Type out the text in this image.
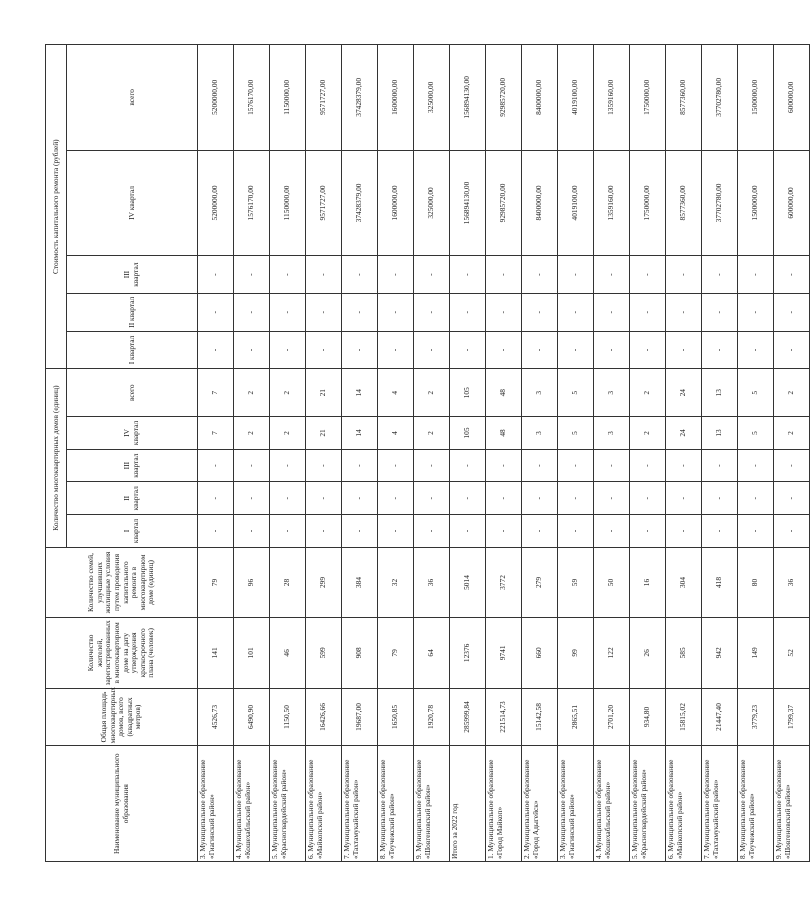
Наименование муниципального образования	Общая площадь многоквартирных домов, всего (квадратных метров)	Количество жителей, зарегистрированных в многоквартирном доме на дату утверждения краткосрочного плана (человек)	Количество семей, улучшивших жилищные условия путем проведения капитального ремонта в многоквартирном доме (единиц)	Количество многоквартирных домов (единиц)					Стоимость капитального ремонта (рублей)				
				I квартал	II квартал	III квартал	IV квартал	всего	I квартал	II квартал	III квартал	IV квартал	всего
3. Муниципальное образование «Гиагинский район»	4526,73	141	79	-	-	-	7	7	-	-	-	5200000,00	5200000,00
4. Муниципальное образование «Кошехабльский район»	6490,90	101	96	-	-	-	2	2	-	-	-	1576170,00	1576170,00
5. Муниципальное образование «Красногвардейский район»	1150,50	46	28	-	-	-	2	2	-	-	-	1150000,00	1150000,00
6. Муниципальное образование «Майкопский район»	16426,66	599	299	-	-	-	21	21	-	-	-	9571727,00	9571727,00
7. Муниципальное образование «Тахтамукайский район»	19687,00	908	384	-	-	-	14	14	-	-	-	37428379,00	37428379,00
8. Муниципальное образование «Теучежский район»	1650,85	79	32	-	-	-	4	4	-	-	-	1600000,00	1600000,00
9. Муниципальное образование «Шовгеновский район»	1920,78	64	36	-	-	-	2	2	-	-	-	325000,00	325000,00
Итого за 2022 год	285999,84	12376	5014	-	-	-	105	105	-	-	-	156894130,00	156894130,00
1. Муниципальное образование «Город Майкоп»	221514,73	9741	3772	-	-	-	48	48	-	-	-	92985720,00	92985720,00
2. Муниципальное образование «Город Адыгейск»	15142,58	660	279	-	-	-	3	3	-	-	-	8400000,00	8400000,00
3. Муниципальное образование «Гиагинский район»	2865,51	99	59	-	-	-	5	5	-	-	-	4019100,00	4019100,00
4. Муниципальное образование «Кошехабльский район»	2701,20	122	50	-	-	-	3	3	-	-	-	1359160,00	1359160,00
5. Муниципальное образование «Красногвардейский район»	934,80	26	16	-	-	-	2	2	-	-	-	1750000,00	1750000,00
6. Муниципальное образование «Майкопский район»	15815,02	585	304	-	-	-	24	24	-	-	-	8577360,00	8577360,00
7. Муниципальное образование «Тахтамукайский район»	21447,40	942	418	-	-	-	13	13	-	-	-	37702780,00	37702780,00
8. Муниципальное образование «Теучежский район»	3779,23	149	80	-	-	-	5	5	-	-	-	1500000,00	1500000,00
9. Муниципальное образование «Шовгеновский район»	1799,37	52	36	-	-	-	2	2	-	-	-	600000,00	600000,00
